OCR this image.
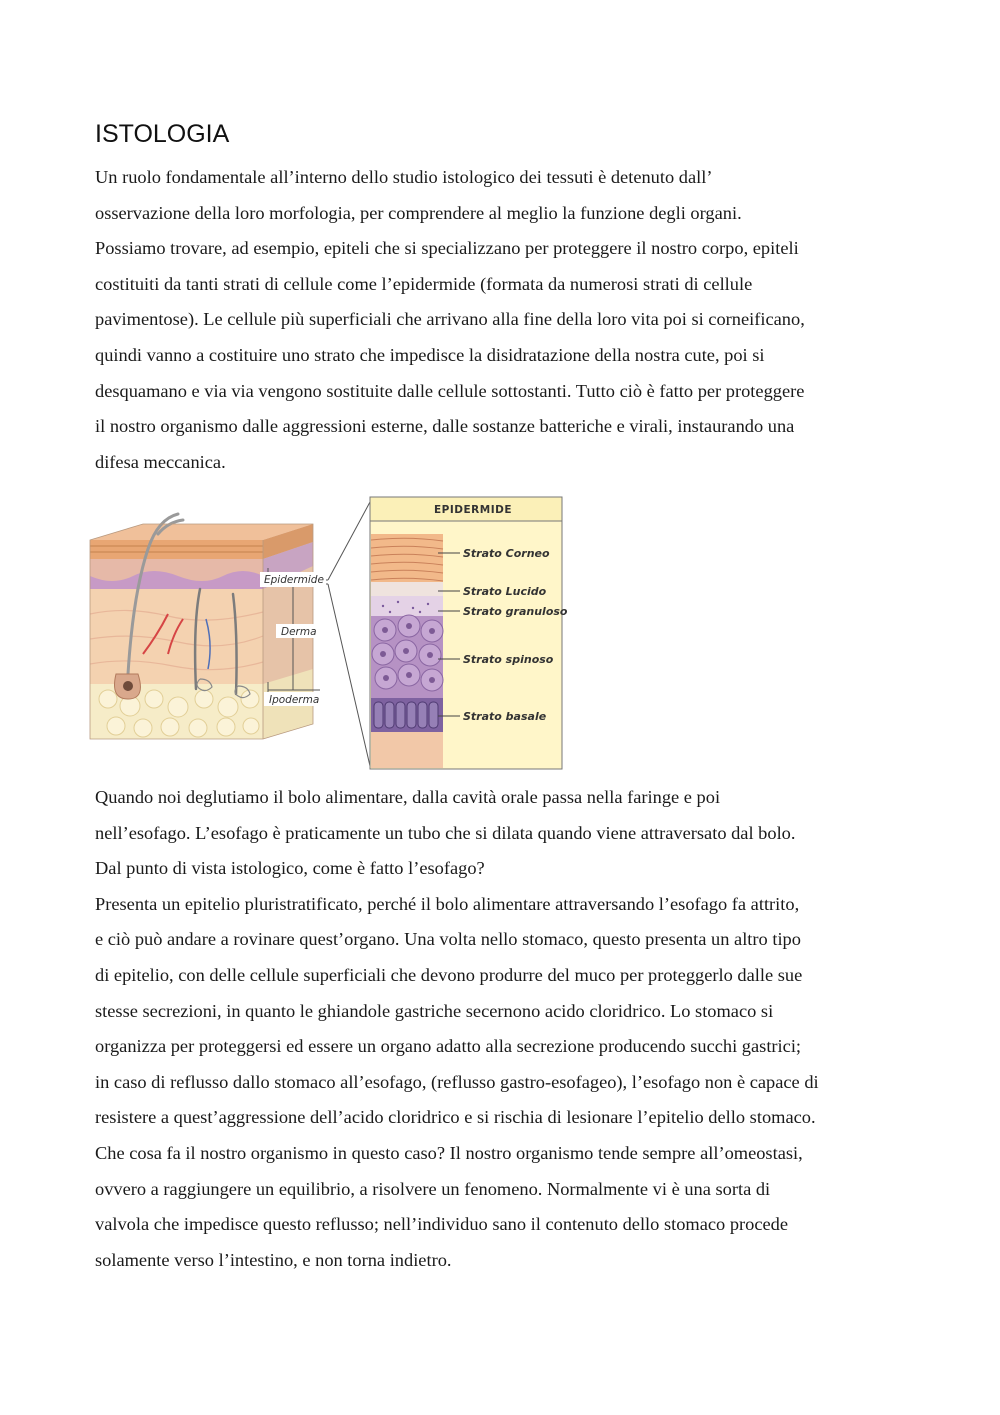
ISTOLOGIA
Un ruolo fondamentale all’interno dello studio istologico dei tessuti è detenuto dall’
osservazione della loro morfologia, per comprendere al meglio la funzione degli organi.
Possiamo trovare, ad esempio, epiteli che si specializzano per proteggere il nostro corpo, epiteli
costituiti da tanti strati di cellule come l’epidermide (formata da numerosi strati di cellule
pavimentose). Le cellule più superficiali che arrivano alla fine della loro vita poi si corneificano,
quindi vanno a costituire uno strato che impedisce la disidratazione della nostra cute, poi si
desquamano e via via vengono sostituite dalle cellule sottostanti. Tutto ciò è fatto per proteggere
il nostro organismo dalle aggressioni esterne, dalle sostanze batteriche e virali, instaurando una
difesa meccanica.
Epidermide
Derma
Ipoderma
EPIDERMIDE
Strato Corneo
Strato Lucido
Strato granuloso
Strato spinoso
Strato basale
Quando noi deglutiamo il bolo alimentare, dalla cavità orale passa nella faringe e poi
nell’esofago. L’esofago è praticamente un tubo che si dilata quando viene attraversato dal bolo.
Dal punto di vista istologico, come è fatto l’esofago?
Presenta un epitelio pluristratificato, perché il bolo alimentare attraversando l’esofago fa attrito,
e ciò può andare a rovinare quest’organo. Una volta nello stomaco, questo presenta un altro tipo
di epitelio, con delle cellule superficiali che devono produrre del muco per proteggerlo dalle sue
stesse secrezioni, in quanto le ghiandole gastriche secernono acido cloridrico. Lo stomaco si
organizza per proteggersi ed essere un organo adatto alla secrezione producendo succhi gastrici;
in caso di reflusso dallo stomaco all’esofago, (reflusso gastro-esofageo), l’esofago non è capace di
resistere a quest’aggressione dell’acido cloridrico e si rischia di lesionare l’epitelio dello stomaco.
Che cosa fa il nostro organismo in questo caso? Il nostro organismo tende sempre all’omeostasi,
ovvero a raggiungere un equilibrio, a risolvere un fenomeno. Normalmente vi è una sorta di
valvola che impedisce questo reflusso; nell’individuo sano il contenuto dello stomaco procede
solamente verso l’intestino, e non torna indietro.
